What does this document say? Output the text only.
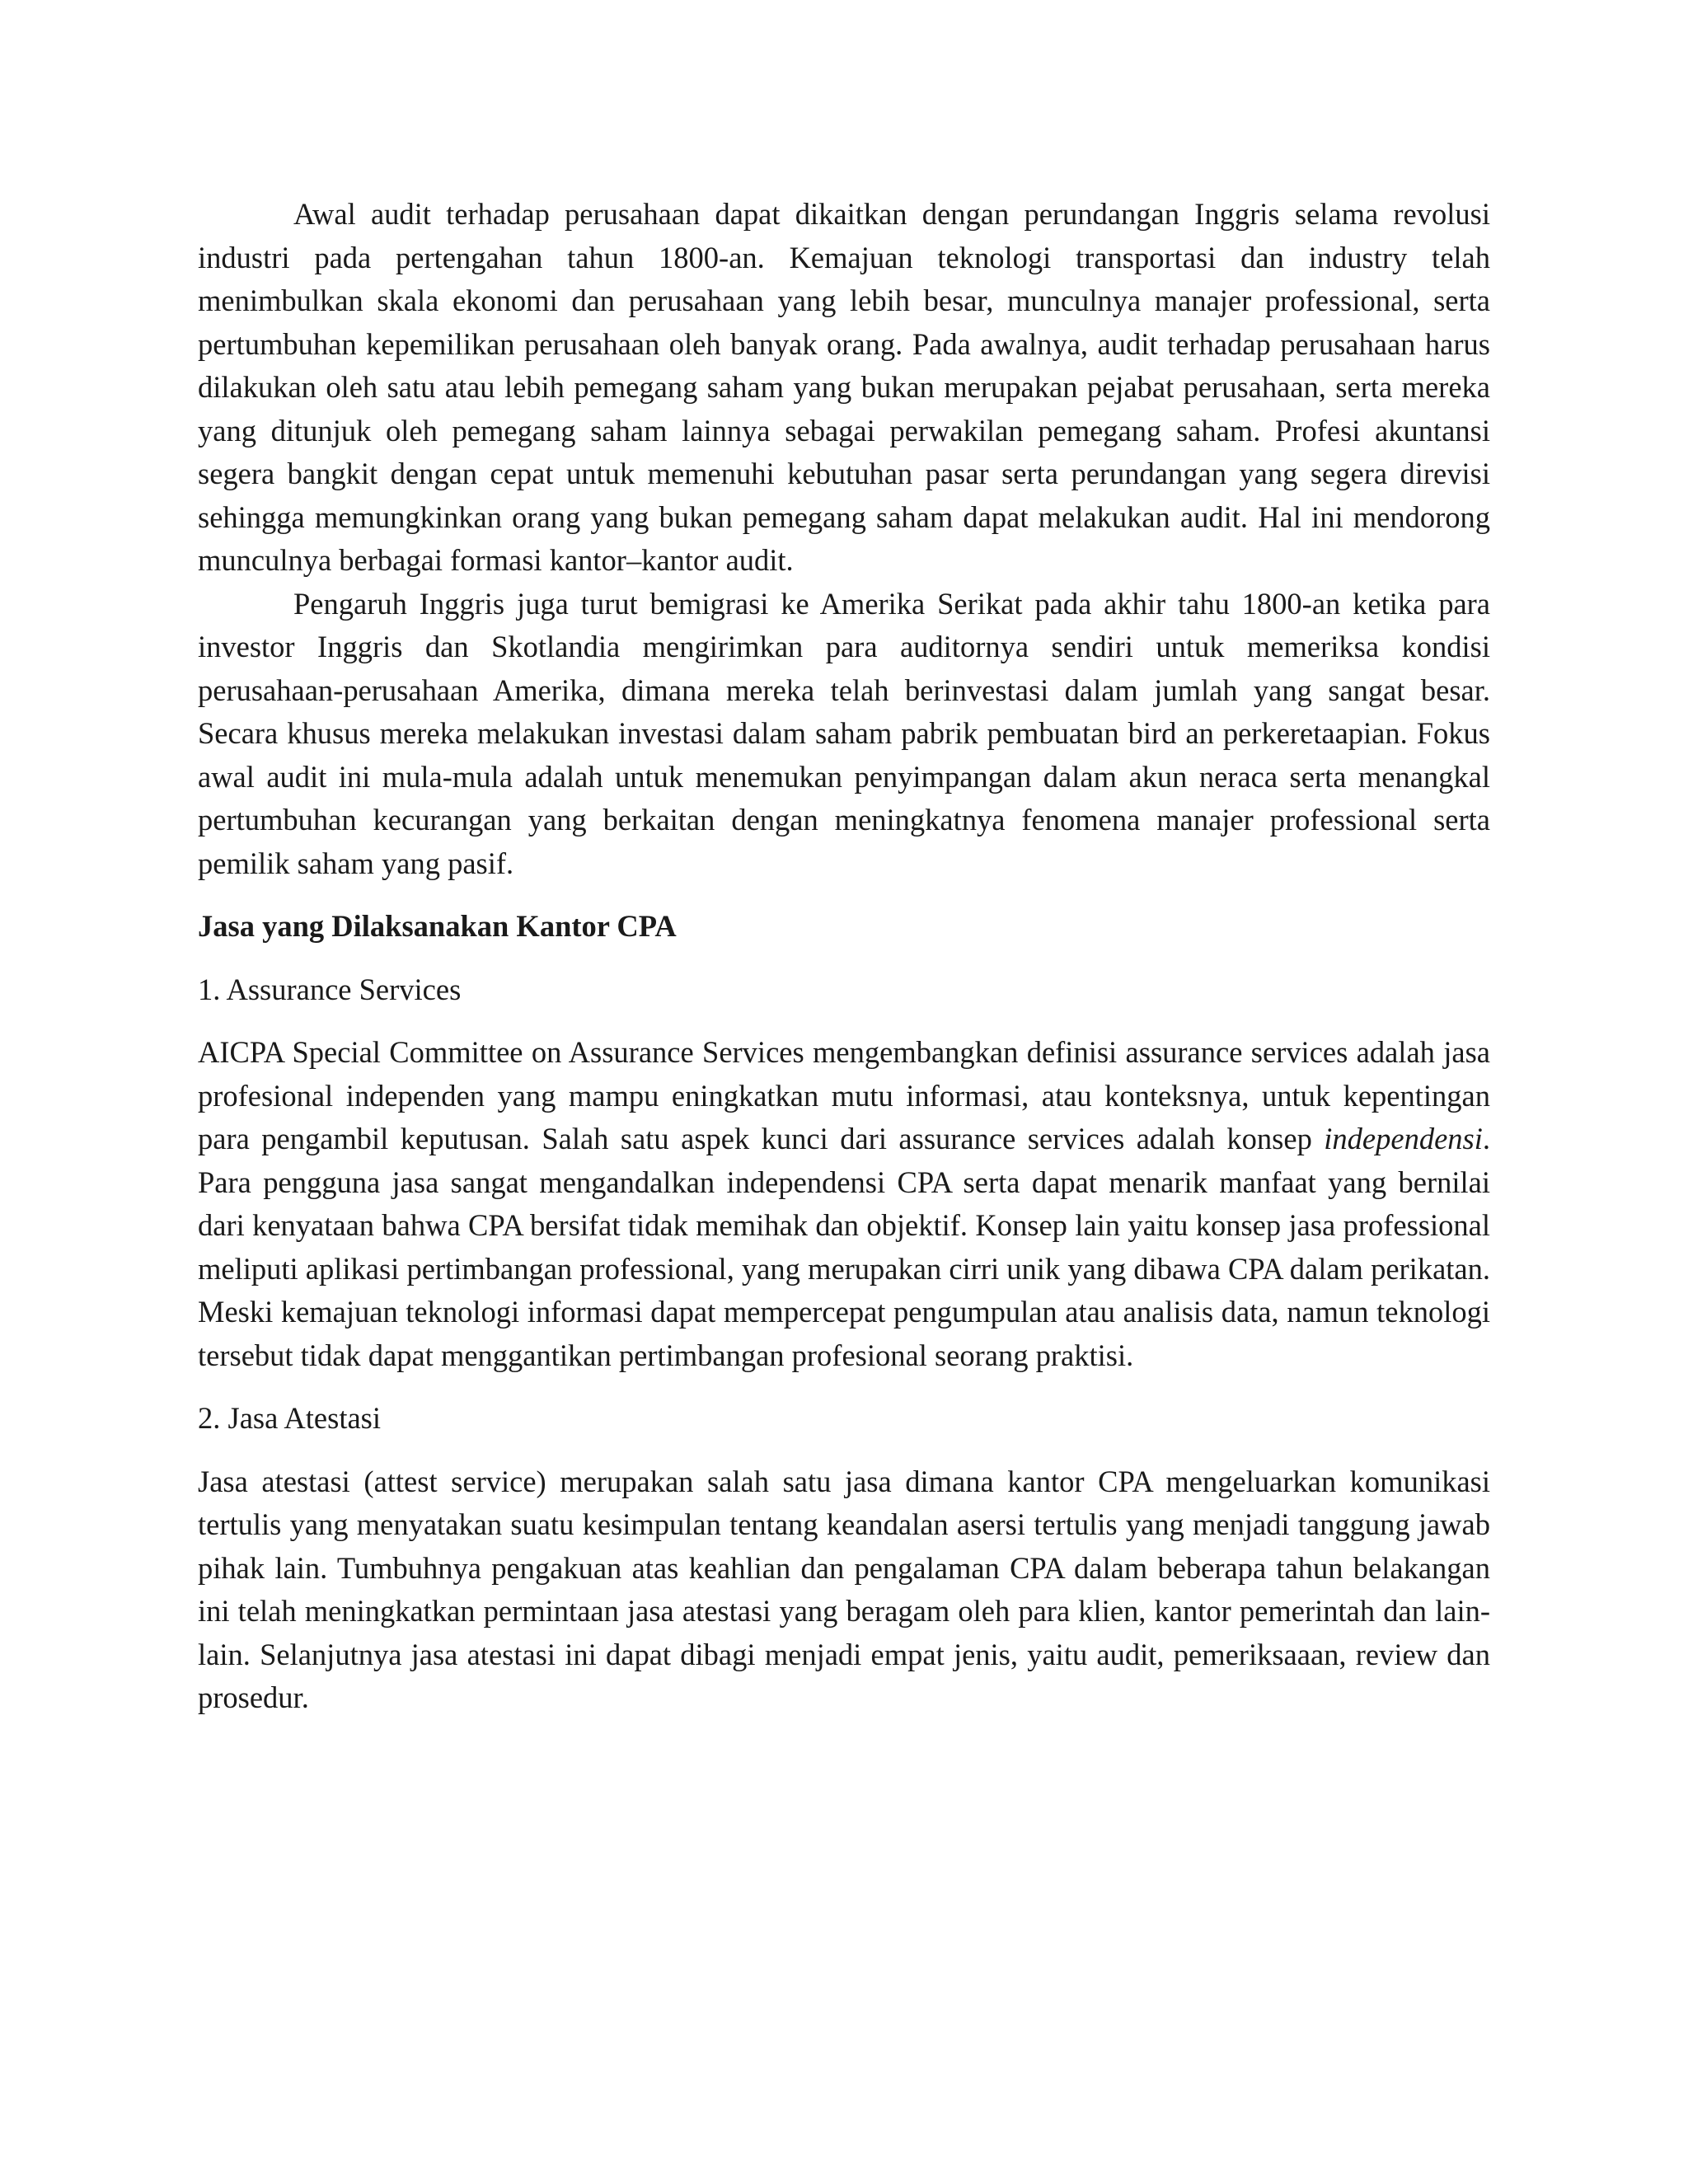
Awal audit terhadap perusahaan dapat dikaitkan dengan perundangan Inggris selama revolusi industri pada pertengahan tahun 1800-an. Kemajuan teknologi transportasi dan industry telah menimbulkan skala ekonomi dan perusahaan yang lebih besar, munculnya manajer professional, serta pertumbuhan kepemilikan perusahaan oleh banyak orang. Pada awalnya, audit terhadap perusahaan harus dilakukan oleh satu atau lebih pemegang saham yang bukan merupakan pejabat perusahaan, serta mereka yang ditunjuk oleh pemegang saham lainnya sebagai perwakilan pemegang saham. Profesi akuntansi segera bangkit dengan cepat untuk memenuhi kebutuhan pasar serta perundangan yang segera direvisi sehingga memungkinkan orang yang bukan pemegang saham dapat melakukan audit. Hal ini mendorong munculnya berbagai formasi kantor–kantor audit.

Pengaruh Inggris juga turut bemigrasi ke Amerika Serikat pada akhir tahu 1800-an ketika para investor Inggris dan Skotlandia mengirimkan para auditornya sendiri untuk memeriksa kondisi perusahaan-perusahaan Amerika, dimana mereka telah berinvestasi dalam jumlah yang sangat besar. Secara khusus mereka melakukan investasi dalam saham pabrik pembuatan bird an perkeretaapian. Fokus awal audit ini mula-mula adalah untuk menemukan penyimpangan dalam akun neraca serta menangkal pertumbuhan kecurangan yang berkaitan dengan meningkatnya fenomena manajer professional serta pemilik saham yang pasif.

Jasa yang Dilaksanakan Kantor CPA

1. Assurance Services

AICPA Special Committee on Assurance Services mengembangkan definisi assurance services adalah jasa profesional independen yang mampu eningkatkan mutu informasi, atau konteksnya, untuk kepentingan para pengambil keputusan. Salah satu aspek kunci dari assurance services adalah konsep independensi. Para pengguna jasa sangat mengandalkan independensi CPA serta dapat menarik manfaat yang bernilai dari kenyataan bahwa CPA bersifat tidak memihak dan objektif. Konsep lain yaitu konsep jasa professional meliputi aplikasi pertimbangan professional, yang merupakan cirri unik yang dibawa CPA dalam perikatan. Meski kemajuan teknologi informasi dapat mempercepat pengumpulan atau analisis data, namun teknologi tersebut tidak dapat menggantikan pertimbangan profesional seorang praktisi.

2. Jasa Atestasi

Jasa atestasi (attest service) merupakan salah satu jasa dimana kantor CPA mengeluarkan komunikasi tertulis yang menyatakan suatu kesimpulan tentang keandalan asersi tertulis yang menjadi tanggung jawab pihak lain. Tumbuhnya pengakuan atas keahlian dan pengalaman CPA dalam beberapa tahun belakangan ini telah meningkatkan permintaan jasa atestasi yang beragam oleh para klien, kantor pemerintah dan lain-lain. Selanjutnya jasa atestasi ini dapat dibagi menjadi empat jenis, yaitu audit, pemeriksaaan, review dan prosedur.
